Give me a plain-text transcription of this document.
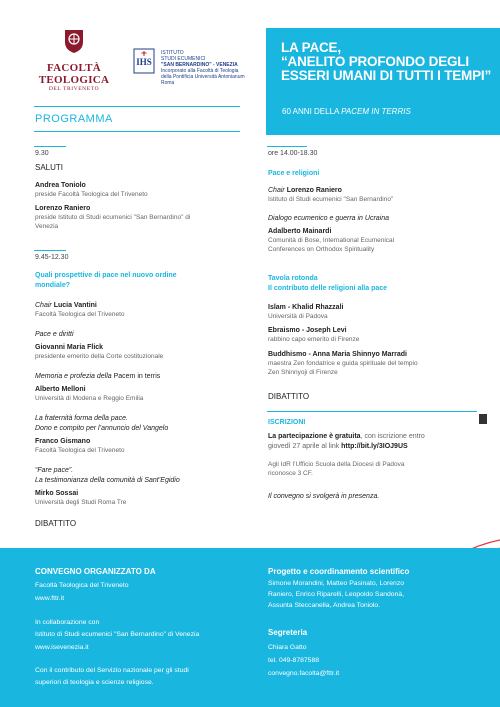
FACOLTÀ
TEOLOGICA
DEL TRIVENETO
IHS
ISTITUTO
STUDI ECUMENICI
"SAN BERNARDINO" - VENEZIA
Incorporato alla Facoltà di Teologia
della Pontificia Università Antonianum
Roma
LA PACE,
“ANELITO PROFONDO DEGLI
ESSERI UMANI DI TUTTI I TEMPI”
60 ANNI DELLA PACEM IN TERRIS
PROGRAMMA
9.30
SALUTI
Andrea Toniolo
preside Facoltà Teologica del Triveneto
Lorenzo Raniero
preside Istituto di Studi ecumenici "San Bernardino" di
Venezia
9.45-12.30
Quali prospettive di pace nel nuovo ordine
mondiale?
Chair Lucia Vantini
Facoltà Teologica del Triveneto
Pace e diritti
Giovanni Maria Flick
presidente emerito della Corte costituzionale
Memoria e profezia della Pacem in terris
Alberto Melloni
Università di Modena e Reggio Emilia
La fraternità forma della pace.
Dono e compito per l’annuncio del Vangelo
Franco Gismano
Facoltà Teologica del Triveneto
“Fare pace”.
La testimonianza della comunità di Sant’Egidio
Mirko Sossai
Università degli Studi Roma Tre
DIBATTITO
ore 14.00-18.30
Pace e religioni
Chair Lorenzo Raniero
Istituto di Studi ecumenici "San Bernardino"
Dialogo ecumenico e guerra in Ucraina
Adalberto Mainardi
Comunità di Bose, International Ecumenical
Conferences on Orthodox Spirituality
Tavola rotonda
Il contributo delle religioni alla pace
Islam - Khalid Rhazzali
Università di Padova
Ebraismo - Joseph Levi
rabbino capo emerito di Firenze
Buddhismo - Anna Maria Shinnyo Marradi
maestra Zen fondatrice e guida spirituale del tempio
Zen Shinnyoji di Firenze
DIBATTITO
ISCRIZIONI
La partecipazione è gratuita, con iscrizione entro
giovedì 27 aprile al link http://bit.ly/3IOJ9US
Agli IdR l’Ufficio Scuola della Diocesi di Padova
riconosce 3 CF.
Il convegno si svolgerà in presenza.
CONVEGNO ORGANIZZATO DA
Facoltà Teologica del Triveneto
www.fttr.it
In collaborazione con
Istituto di Studi ecumenici "San Bernardino" di Venezia
www.isevenezia.it
Con il contributo del Servizio nazionale per gli studi
superiori di teologia e scienze religiose.
Progetto e coordinamento scientifico
Simone Morandini, Matteo Pasinato, Lorenzo
Raniero, Enrico Riparelli, Leopoldo Sandonà,
Assunta Steccanella, Andrea Toniolo.
Segreteria
Chiara Gatto
tel. 049-8787588
convegno.facolta@fttr.it
